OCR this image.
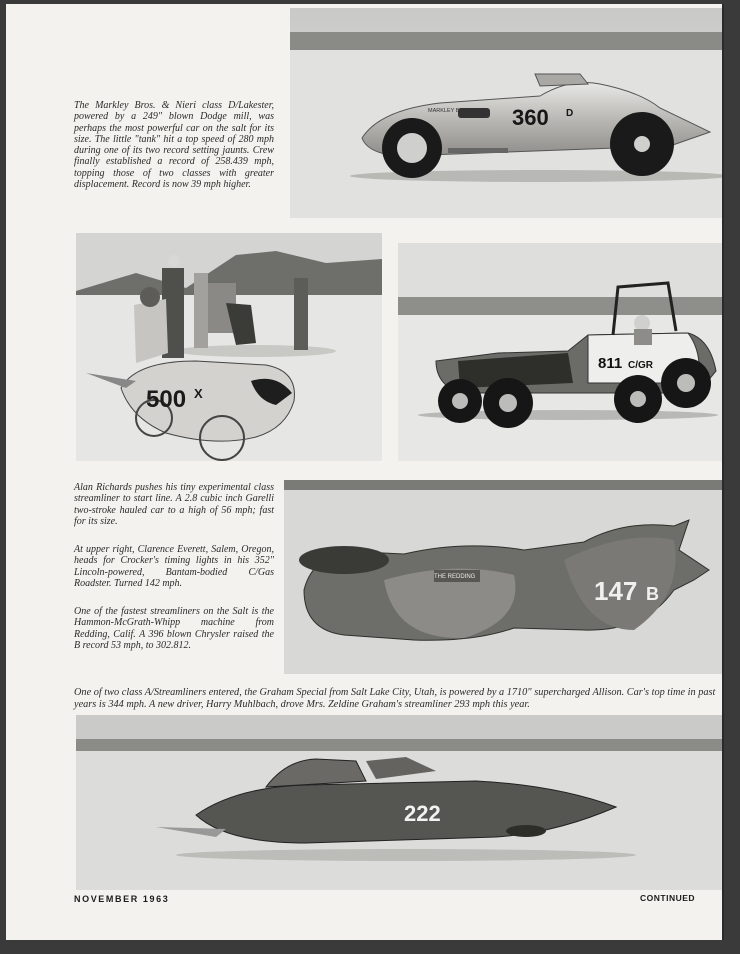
MARKLEY BROS 360 D

The Markley Bros. & Nieri class D/Lakester, powered by a 249" blown Dodge mill, was perhaps the most powerful car on the salt for its size. The little "tank" hit a top speed of 280 mph during one of its two record setting jaunts. Crew finally established a record of 258.439 mph, topping those of two classes with greater displacement. Record is now 39 mph higher.

500 X
811 C/GR

Alan Richards pushes his tiny experimental class streamliner to start line. A 2.8 cubic inch Garelli two-stroke hauled car to a high of 56 mph; fast for its size.

At upper right, Clarence Everett, Salem, Oregon, heads for Crocker's timing lights in his 352" Lincoln-powered, Bantam-bodied C/Gas Roadster. Turned 142 mph.

One of the fastest streamliners on the Salt is the Hammon-McGrath-Whipp machine from Redding, Calif. A 396 blown Chrysler raised the B record 53 mph, to 302.812.

THE REDDING	147 B

One of two class A/Streamliners entered, the Graham Special from Salt Lake City, Utah, is powered by a 1710" supercharged Allison. Car's top time in past years is 344 mph. A new driver, Harry Muhlbach, drove Mrs. Zeldine Graham's streamliner 293 mph this year.

222
NOVEMBER 1963	CONTINUED
